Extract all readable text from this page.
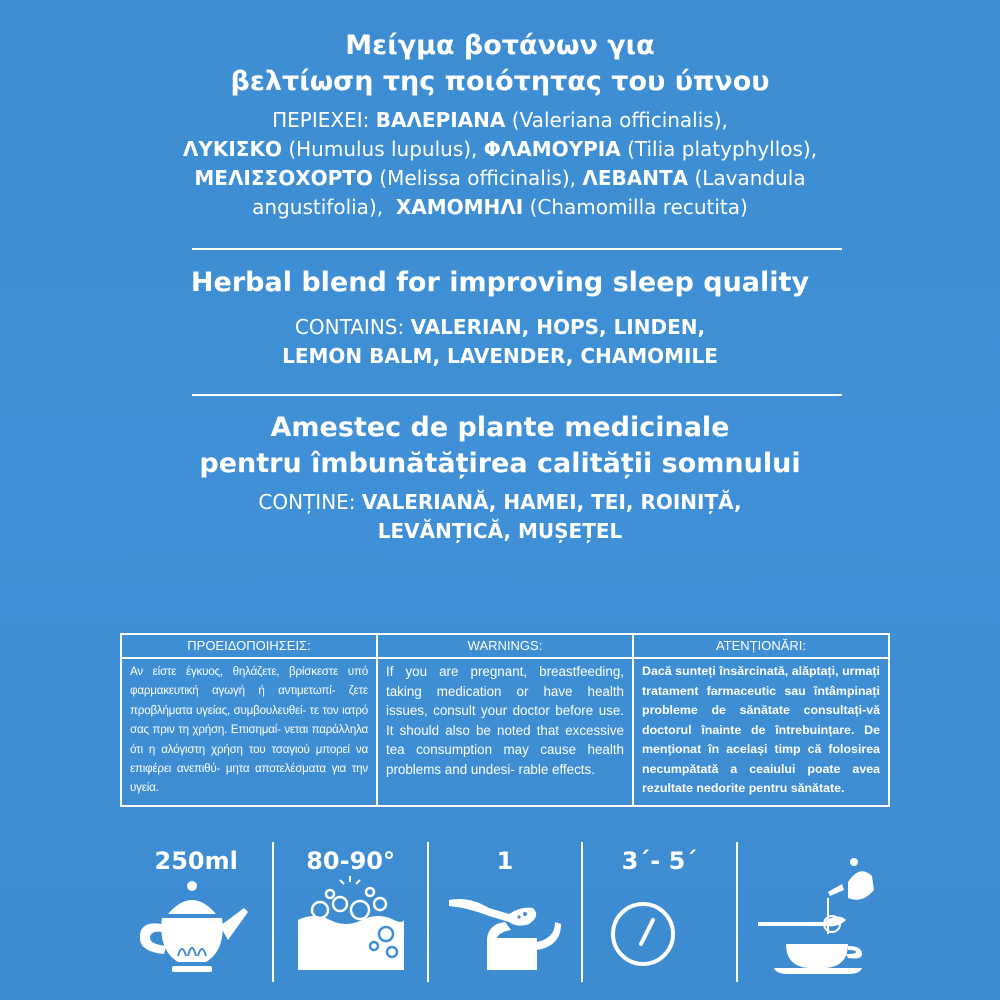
Μείγμα βοτάνων για
βελτίωση της ποιότητας του ύπνου
ΠΕΡΙΕΧΕΙ: ΒΑΛΕΡΙΑΝΑ (Valeriana officinalis),
ΛΥΚΙΣΚΟ (Humulus lupulus), ΦΛΑΜΟΥΡΙΑ (Tilia platyphyllos),
ΜΕΛΙΣΣΟΧΟΡΤΟ (Melissa officinalis), ΛΕΒΑΝΤΑ (Lavandula
angustifolia), ΧΑΜΟΜΗΛΙ (Chamomilla recutita)
Herbal blend for improving sleep quality
CONTAINS: VALERIAN, HOPS, LINDEN,
LEMON BALM, LAVENDER, CHAMOMILE
Amestec de plante medicinale
pentru îmbunătățirea calității somnului
CONȚINE: VALERIANĂ, HAMEI, TEI, ROINIȚĂ,
LEVĂNȚICĂ, MUȘEȚEL
ΠΡΟΕΙΔΟΠΟΙΗΣΕΙΣ:
Αν είστε έγκυος, θηλάζετε, βρίσκεστε υπό φαρμακευτική αγωγή ή αντιμετωπί- ζετε προβλήματα υγείας, συμβουλευθεί- τε τον ιατρό σας πριν τη χρήση. Επισημαί- νεται παράλληλα ότι η αλόγιστη χρήση του τσαγιού μπορεί να επιφέρει ανεπιθύ- μητα αποτελέσματα για την υγεία.
WARNINGS:
If you are pregnant, breastfeeding, taking medication or have health issues, consult your doctor before use. It should also be noted that excessive tea consumption may cause health problems and undesi- rable effects.
ATENȚIONĂRI:
Dacă sunteți însărcinată, alăptați, urmați tratament farmaceutic sau întâmpinați probleme de sănătate consultați-vă doctorul înainte de întrebuințare. De menționat în același timp că folosirea necumpătată a ceaiului poate avea rezultate nedorite pentru sănătate.
250ml	80-90°	1	3´- 5´
